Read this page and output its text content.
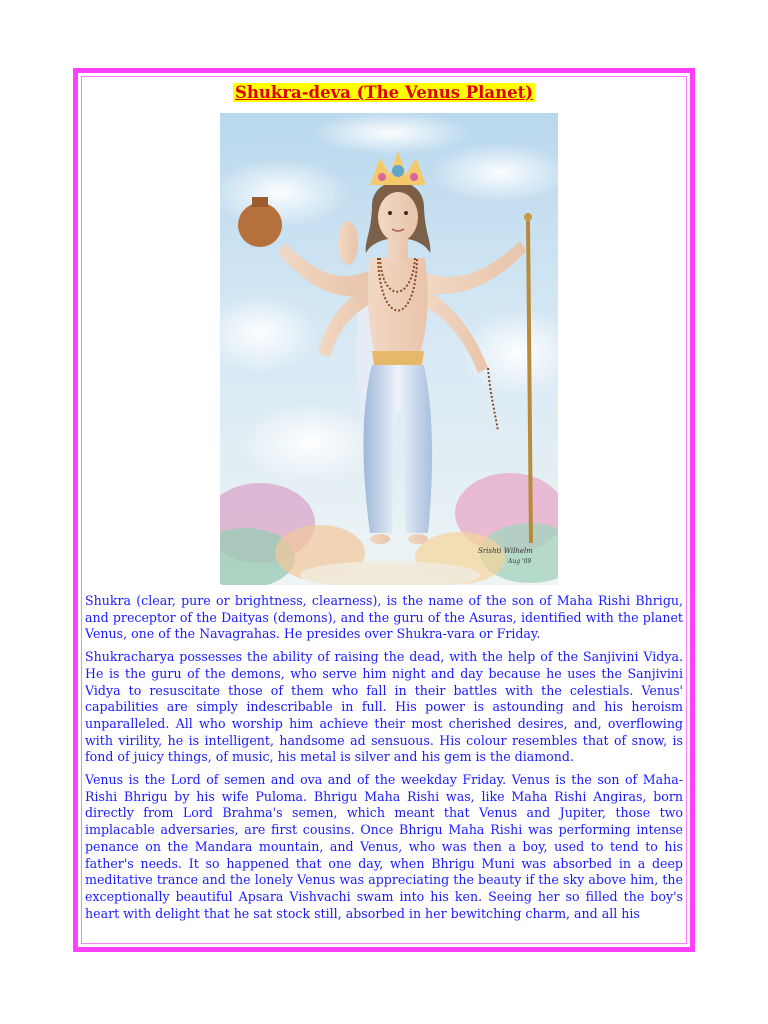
Shukra-deva (The Venus Planet)
Srishti Wilhelm
Aug '09

Shukra (clear, pure or brightness, clearness), is the name of the son of Maha Rishi Bhrigu, and preceptor of the Daityas (demons), and the guru of the Asuras, identified with the planet Venus, one of the Navagrahas. He presides over Shukra-vara or Friday.

Shukracharya possesses the ability of raising the dead, with the help of the Sanjivini Vidya. He is the guru of the demons, who serve him night and day because he uses the Sanjivini Vidya to resuscitate those of them who fall in their battles with the celestials. Venus' capabilities are simply indescribable in full. His power is astounding and his heroism unparalleled. All who worship him achieve their most cherished desires, and, overflowing with virility, he is intelligent, handsome ad sensuous. His colour resembles that of snow, is fond of juicy things, of music, his metal is silver and his gem is the diamond.

Venus is the Lord of semen and ova and of the weekday Friday. Venus is the son of Maha-Rishi Bhrigu by his wife Puloma. Bhrigu Maha Rishi was, like Maha Rishi Angiras, born directly from Lord Brahma's semen, which meant that Venus and Jupiter, those two implacable adversaries, are first cousins. Once Bhrigu Maha Rishi was performing intense penance on the Mandara mountain, and Venus, who was then a boy, used to tend to his father's needs. It so happened that one day, when Bhrigu Muni was absorbed in a deep meditative trance and the lonely Venus was appreciating the beauty if the sky above him, the exceptionally beautiful Apsara Vishvachi swam into his ken. Seeing her so filled the boy's heart with delight that he sat stock still, absorbed in her bewitching charm, and all his
